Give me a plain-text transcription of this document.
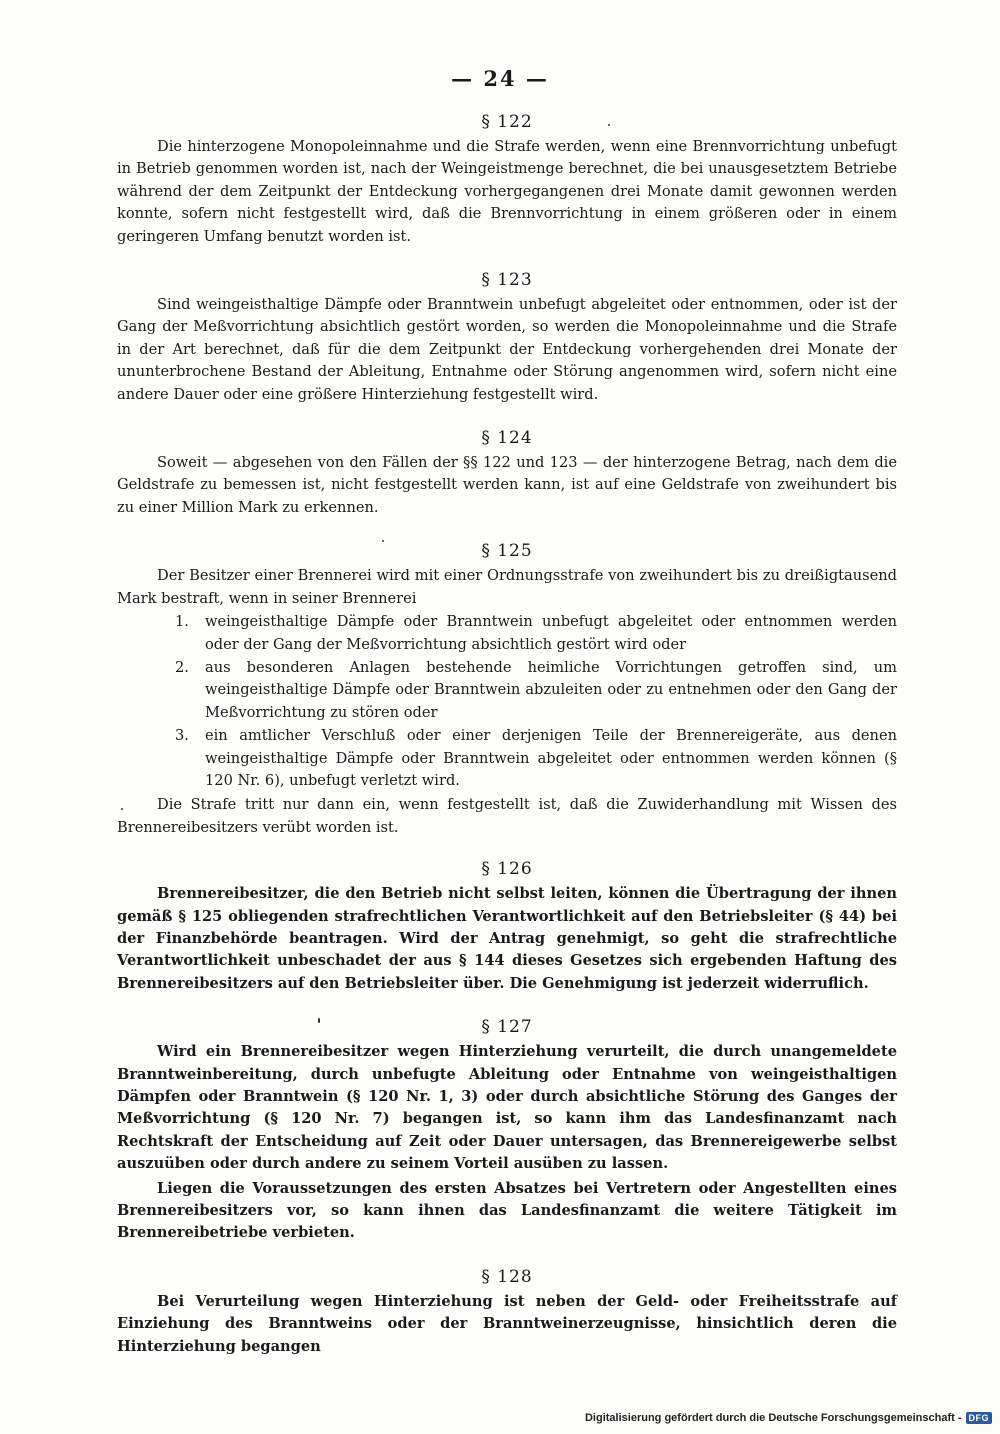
— 24 —
§ 122

Die hinterzogene Monopoleinnahme und die Strafe werden, wenn eine Brennvorrichtung unbefugt in Betrieb genommen worden ist, nach der Weingeistmenge berechnet, die bei unausgesetztem Betriebe während der dem Zeitpunkt der Entdeckung vorhergegangenen drei Monate damit gewonnen werden konnte, sofern nicht festgestellt wird, daß die Brennvorrichtung in einem größeren oder in einem geringeren Umfang benutzt worden ist.

§ 123

Sind weingeisthaltige Dämpfe oder Branntwein unbefugt abgeleitet oder entnommen, oder ist der Gang der Meßvorrichtung absichtlich gestört worden, so werden die Monopoleinnahme und die Strafe in der Art berechnet, daß für die dem Zeitpunkt der Entdeckung vorhergehenden drei Monate der ununterbrochene Bestand der Ableitung, Entnahme oder Störung angenommen wird, sofern nicht eine andere Dauer oder eine größere Hinterziehung festgestellt wird.

§ 124

Soweit — abgesehen von den Fällen der §§ 122 und 123 — der hinterzogene Betrag, nach dem die Geldstrafe zu bemessen ist, nicht festgestellt werden kann, ist auf eine Geldstrafe von zweihundert bis zu einer Million Mark zu erkennen.

§ 125

Der Besitzer einer Brennerei wird mit einer Ordnungsstrafe von zweihundert bis zu dreißigtausend Mark bestraft, wenn in seiner Brennerei

1. weingeisthaltige Dämpfe oder Branntwein unbefugt abgeleitet oder entnommen werden oder der Gang der Meßvorrichtung absichtlich gestört wird oder
2. aus besonderen Anlagen bestehende heimliche Vorrichtungen getroffen sind, um weingeisthaltige Dämpfe oder Branntwein abzuleiten oder zu entnehmen oder den Gang der Meßvorrichtung zu stören oder
3. ein amtlicher Verschluß oder einer derjenigen Teile der Brennereigeräte, aus denen weingeisthaltige Dämpfe oder Branntwein abgeleitet oder entnommen werden können (§ 120 Nr. 6), unbefugt verletzt wird.

Die Strafe tritt nur dann ein, wenn festgestellt ist, daß die Zuwiderhandlung mit Wissen des Brennereibesitzers verübt worden ist.

§ 126

Brennereibesitzer, die den Betrieb nicht selbst leiten, können die Übertragung der ihnen gemäß § 125 obliegenden strafrechtlichen Verantwortlichkeit auf den Betriebsleiter (§ 44) bei der Finanzbehörde beantragen. Wird der Antrag genehmigt, so geht die strafrechtliche Verantwortlichkeit unbeschadet der aus § 144 dieses Gesetzes sich ergebenden Haftung des Brennereibesitzers auf den Betriebsleiter über. Die Genehmigung ist jederzeit widerruflich.

§ 127

Wird ein Brennereibesitzer wegen Hinterziehung verurteilt, die durch unangemeldete Branntweinbereitung, durch unbefugte Ableitung oder Entnahme von weingeisthaltigen Dämpfen oder Branntwein (§ 120 Nr. 1, 3) oder durch absichtliche Störung des Ganges der Meßvorrichtung (§ 120 Nr. 7) begangen ist, so kann ihm das Landesfinanzamt nach Rechtskraft der Entscheidung auf Zeit oder Dauer untersagen, das Brennereigewerbe selbst auszuüben oder durch andere zu seinem Vorteil ausüben zu lassen.

Liegen die Voraussetzungen des ersten Absatzes bei Vertretern oder Angestellten eines Brennereibesitzers vor, so kann ihnen das Landesfinanzamt die weitere Tätigkeit im Brennereibetriebe verbieten.

§ 128

Bei Verurteilung wegen Hinterziehung ist neben der Geld- oder Freiheitsstrafe auf Einziehung des Branntweins oder der Branntweinerzeugnisse, hinsichtlich deren die Hinterziehung begangen

Digitalisierung gefördert durch die Deutsche Forschungsgemeinschaft - DFG
